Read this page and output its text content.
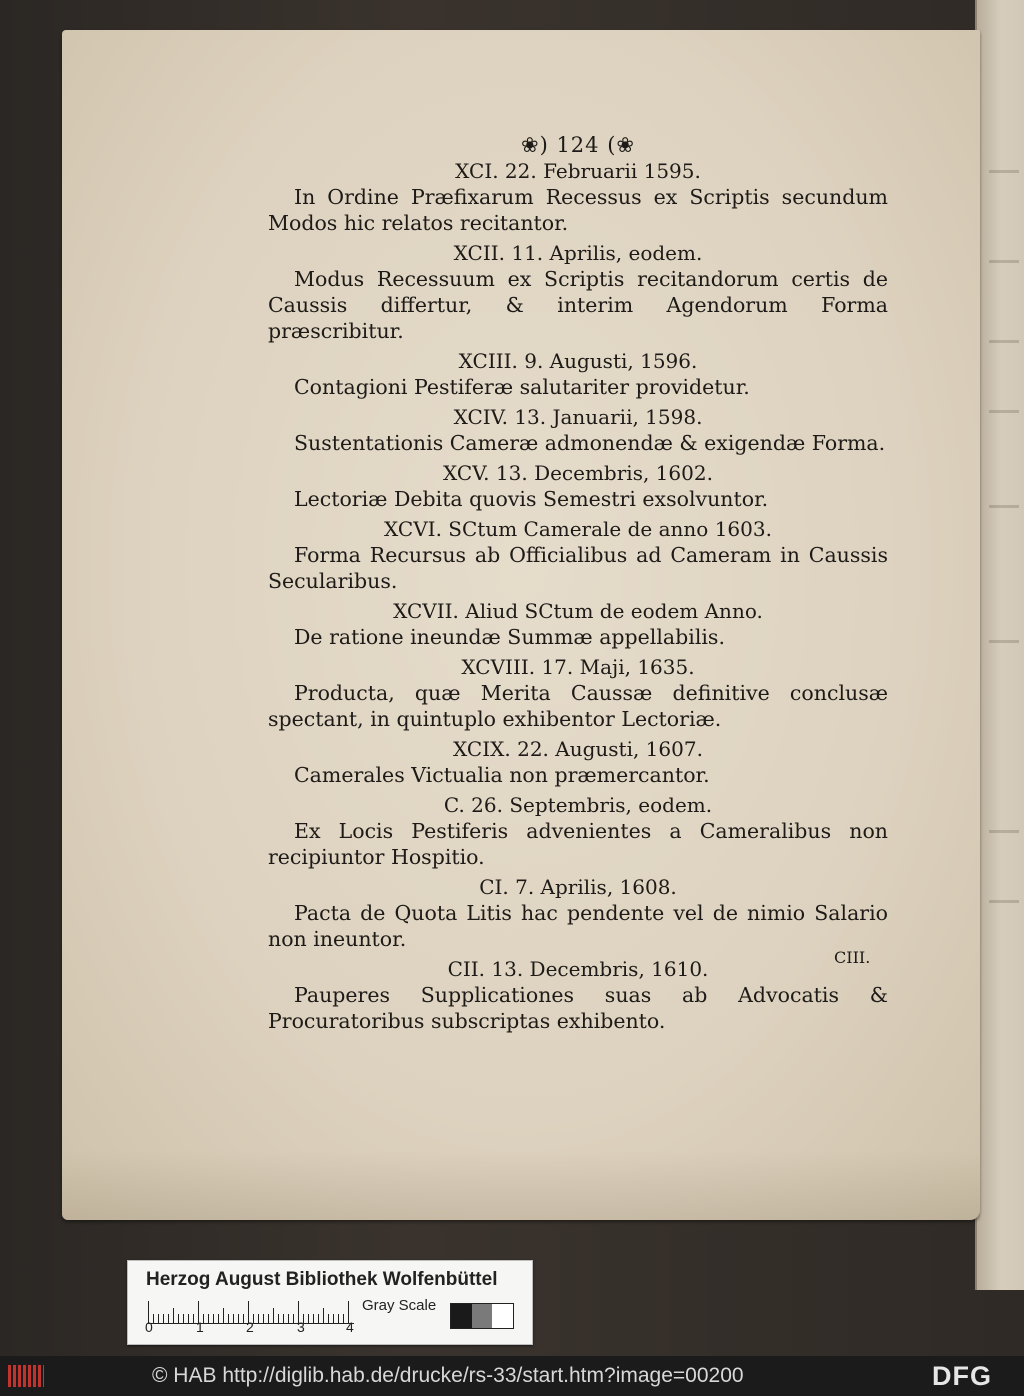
❀) 124 (❀

XCI. 22. Februarii 1595.

In Ordine Præfixarum Recessus ex Scriptis secundum Modos hic relatos recitantor.

XCII. 11. Aprilis, eodem.

Modus Recessuum ex Scriptis recitandorum certis de Caussis differtur, & interim Agendorum Forma præscribitur.

XCIII. 9. Augusti, 1596.

Contagioni Pestiferæ salutariter providetur.

XCIV. 13. Januarii, 1598.

Sustentationis Cameræ admonendæ & exigendæ Forma.

XCV. 13. Decembris, 1602.

Lectoriæ Debita quovis Semestri exsolvuntor.

XCVI. SCtum Camerale de anno 1603.

Forma Recursus ab Officialibus ad Cameram in Caussis Secularibus.

XCVII. Aliud SCtum de eodem Anno.

De ratione ineundæ Summæ appellabilis.

XCVIII. 17. Maji, 1635.

Producta, quæ Merita Caussæ definitive conclusæ spectant, in quintuplo exhibentor Lectoriæ.

XCIX. 22. Augusti, 1607.

Camerales Victualia non præmercantor.

C. 26. Septembris, eodem.

Ex Locis Pestiferis advenientes a Cameralibus non recipiuntor Hospitio.

CI. 7. Aprilis, 1608.

Pacta de Quota Litis hac pendente vel de nimio Salario non ineuntor.

CII. 13. Decembris, 1610.

Pauperes Supplicationes suas ab Advocatis & Procuratoribus subscriptas exhibento.

CIII.
Herzog August Bibliothek Wolfenbüttel
0	1	2	3	4
Gray Scale
© HAB http://diglib.hab.de/drucke/rs-33/start.htm?image=00200	DFG
